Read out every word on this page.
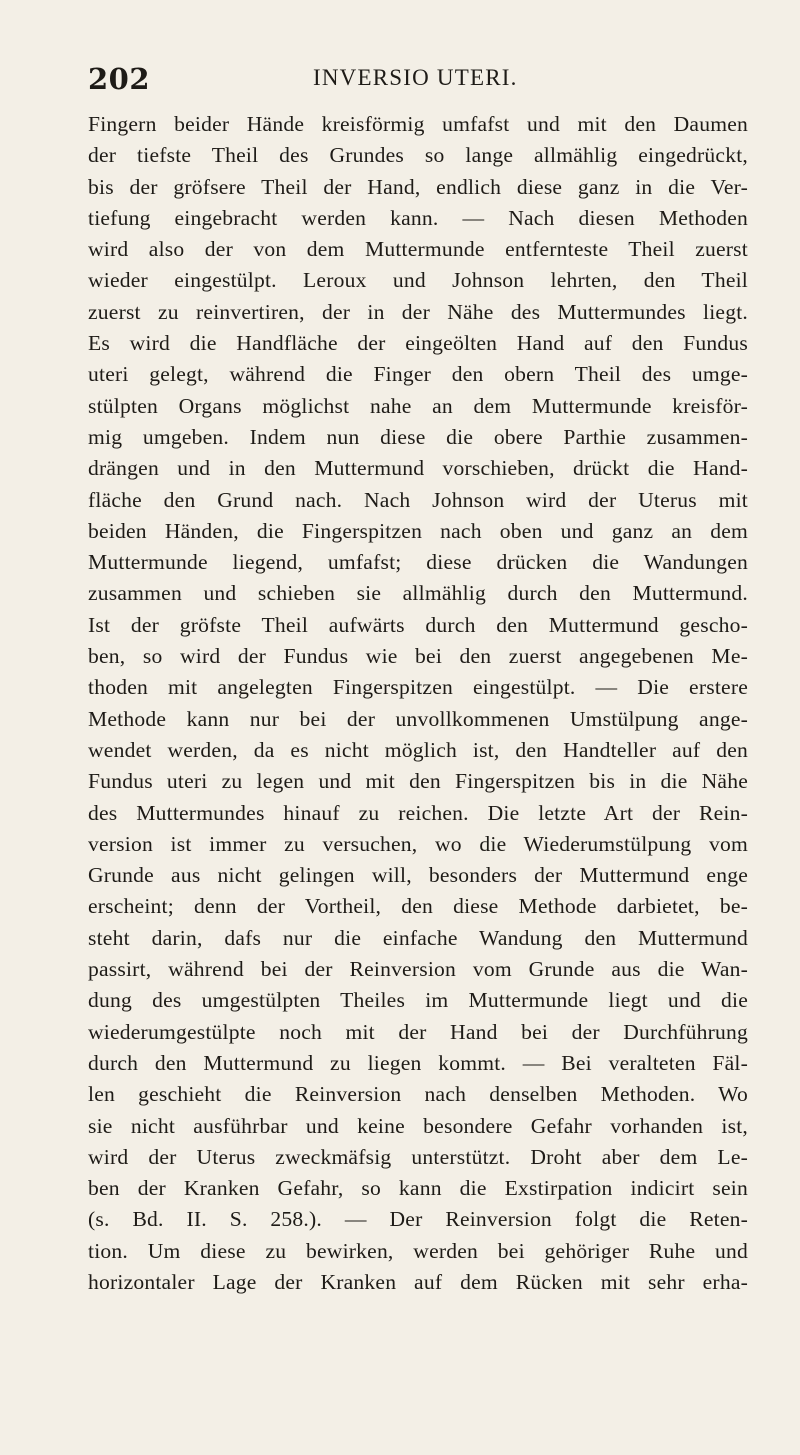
202	INVERSIO UTERI.
Fingern beider Hände kreisförmig umfafst und mit den Daumen
der tiefste Theil des Grundes so lange allmählig eingedrückt,
bis der gröfsere Theil der Hand, endlich diese ganz in die Ver-
tiefung eingebracht werden kann. — Nach diesen Methoden
wird also der von dem Muttermunde entfernteste Theil zuerst
wieder eingestülpt. Leroux und Johnson lehrten, den Theil
zuerst zu reinvertiren, der in der Nähe des Muttermundes liegt.
Es wird die Handfläche der eingeölten Hand auf den Fundus
uteri gelegt, während die Finger den obern Theil des umge-
stülpten Organs möglichst nahe an dem Muttermunde kreisför-
mig umgeben. Indem nun diese die obere Parthie zusammen-
drängen und in den Muttermund vorschieben, drückt die Hand-
fläche den Grund nach. Nach Johnson wird der Uterus mit
beiden Händen, die Fingerspitzen nach oben und ganz an dem
Muttermunde liegend, umfafst; diese drücken die Wandungen
zusammen und schieben sie allmählig durch den Muttermund.
Ist der gröfste Theil aufwärts durch den Muttermund gescho-
ben, so wird der Fundus wie bei den zuerst angegebenen Me-
thoden mit angelegten Fingerspitzen eingestülpt. — Die erstere
Methode kann nur bei der unvollkommenen Umstülpung ange-
wendet werden, da es nicht möglich ist, den Handteller auf den
Fundus uteri zu legen und mit den Fingerspitzen bis in die Nähe
des Muttermundes hinauf zu reichen. Die letzte Art der Rein-
version ist immer zu versuchen, wo die Wiederumstülpung vom
Grunde aus nicht gelingen will, besonders der Muttermund enge
erscheint; denn der Vortheil, den diese Methode darbietet, be-
steht darin, dafs nur die einfache Wandung den Muttermund
passirt, während bei der Reinversion vom Grunde aus die Wan-
dung des umgestülpten Theiles im Muttermunde liegt und die
wiederumgestülpte noch mit der Hand bei der Durchführung
durch den Muttermund zu liegen kommt. — Bei veralteten Fäl-
len geschieht die Reinversion nach denselben Methoden. Wo
sie nicht ausführbar und keine besondere Gefahr vorhanden ist,
wird der Uterus zweckmäfsig unterstützt. Droht aber dem Le-
ben der Kranken Gefahr, so kann die Exstirpation indicirt sein
(s. Bd. II. S. 258.). — Der Reinversion folgt die Reten-
tion. Um diese zu bewirken, werden bei gehöriger Ruhe und
horizontaler Lage der Kranken auf dem Rücken mit sehr erha-
